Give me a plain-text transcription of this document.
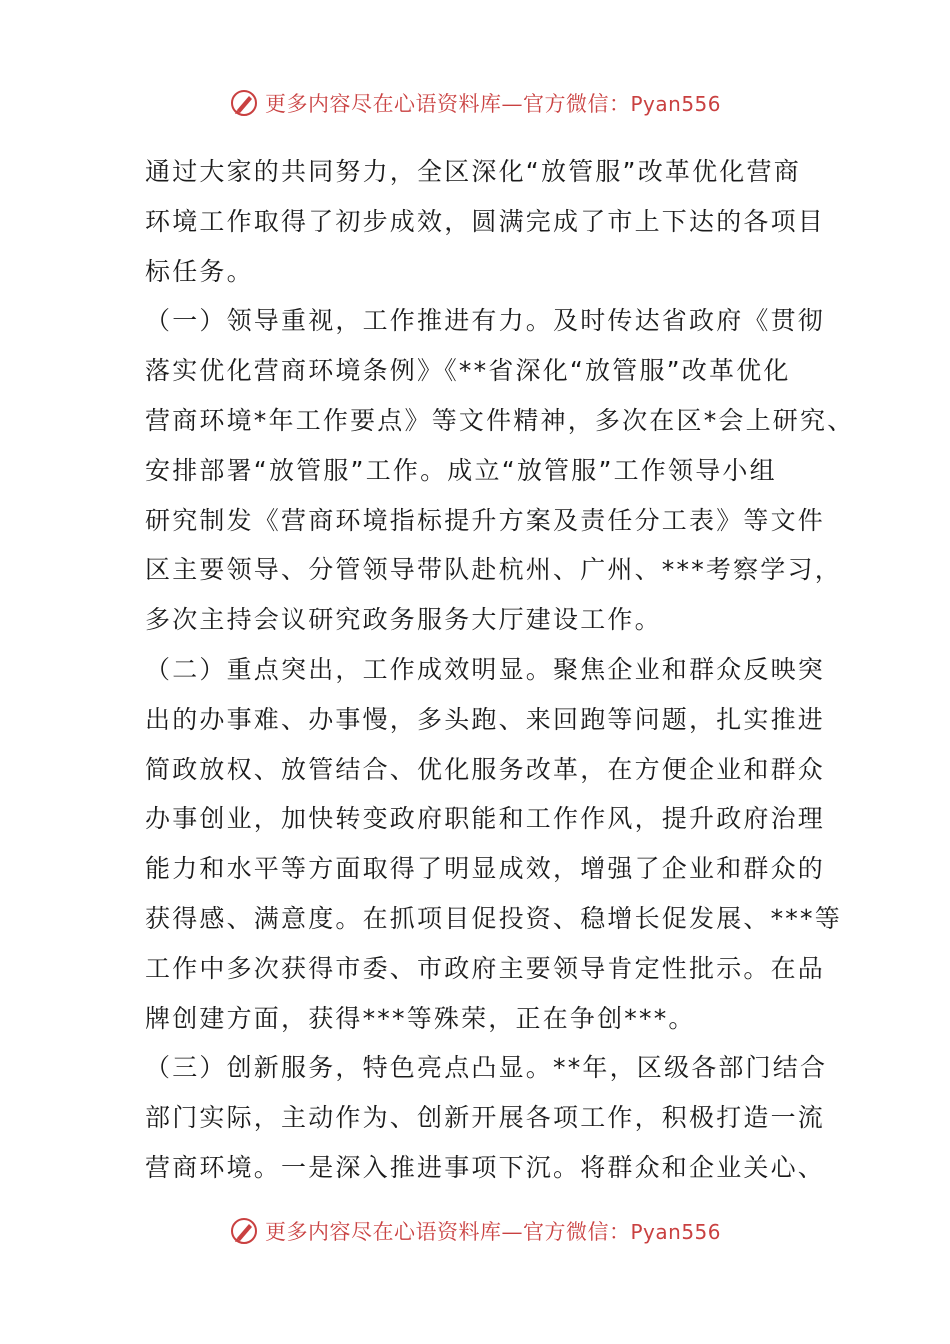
更多内容尽在心语资料库—官方微信：Pyan556
通过大家的共同努力，全区深化“放管服”改革优化营商
环境工作取得了初步成效，圆满完成了市上下达的各项目
标任务。
（一）领导重视，工作推进有力。及时传达省政府《贯彻
落实优化营商环境条例》《**省深化“放管服”改革优化
营商环境*年工作要点》等文件精神，多次在区*会上研究、
安排部署“放管服”工作。成立“放管服”工作领导小组
研究制发《营商环境指标提升方案及责任分工表》等文件
区主要领导、分管领导带队赴杭州、广州、***考察学习，
多次主持会议研究政务服务大厅建设工作。
（二）重点突出，工作成效明显。聚焦企业和群众反映突
出的办事难、办事慢，多头跑、来回跑等问题，扎实推进
简政放权、放管结合、优化服务改革，在方便企业和群众
办事创业，加快转变政府职能和工作作风，提升政府治理
能力和水平等方面取得了明显成效，增强了企业和群众的
获得感、满意度。在抓项目促投资、稳增长促发展、***等
工作中多次获得市委、市政府主要领导肯定性批示。在品
牌创建方面，获得***等殊荣，正在争创***。
（三）创新服务，特色亮点凸显。**年，区级各部门结合
部门实际，主动作为、创新开展各项工作，积极打造一流
营商环境。一是深入推进事项下沉。将群众和企业关心、
更多内容尽在心语资料库—官方微信：Pyan556
